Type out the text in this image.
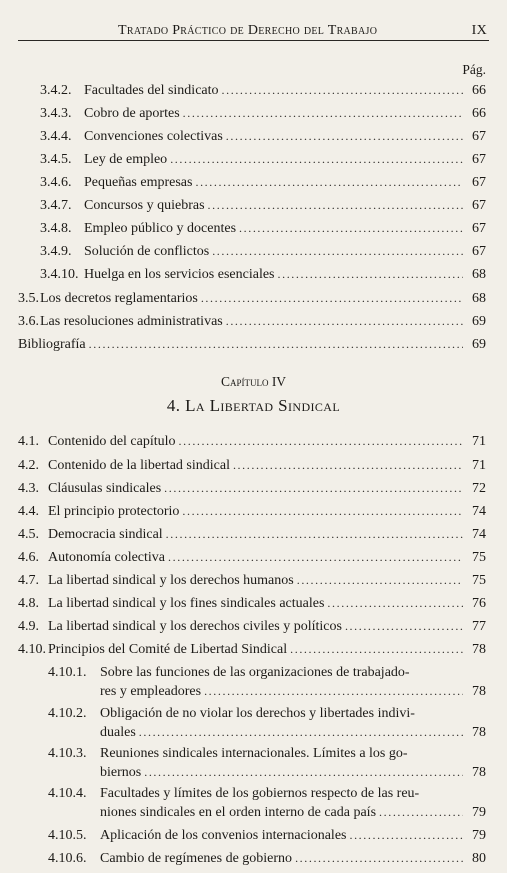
Tratado Práctico de Derecho del Trabajo	IX
Pág.
3.4.2. Facultades del sindicato .....	66
3.4.3. Cobro de aportes .....	66
3.4.4. Convenciones colectivas .....	67
3.4.5. Ley de empleo .....	67
3.4.6. Pequeñas empresas .....	67
3.4.7. Concursos y quiebras .....	67
3.4.8. Empleo público y docentes .....	67
3.4.9. Solución de conflictos .....	67
3.4.10. Huelga en los servicios esenciales .....	68
3.5. Los decretos reglamentarios .....	68
3.6. Las resoluciones administrativas .....	69
Bibliografía .....	69
Capítulo IV
4. La Libertad Sindical
4.1. Contenido del capítulo .....	71
4.2. Contenido de la libertad sindical .....	71
4.3. Cláusulas sindicales .....	72
4.4. El principio protectorio .....	74
4.5. Democracia sindical .....	74
4.6. Autonomía colectiva .....	75
4.7. La libertad sindical y los derechos humanos .....	75
4.8. La libertad sindical y los fines sindicales actuales .....	76
4.9. La libertad sindical y los derechos civiles y políticos .....	77
4.10. Principios del Comité de Libertad Sindical .....	78
4.10.1. Sobre las funciones de las organizaciones de trabajado-
res y empleadores .....	78
4.10.2. Obligación de no violar los derechos y libertades indivi-
duales .....	78
4.10.3. Reuniones sindicales internacionales. Límites a los go-
biernos .....	78
4.10.4. Facultades y límites de los gobiernos respecto de las reu-
niones sindicales en el orden interno de cada país .....	79
4.10.5. Aplicación de los convenios internacionales .....	79
4.10.6. Cambio de regímenes de gobierno .....	80
